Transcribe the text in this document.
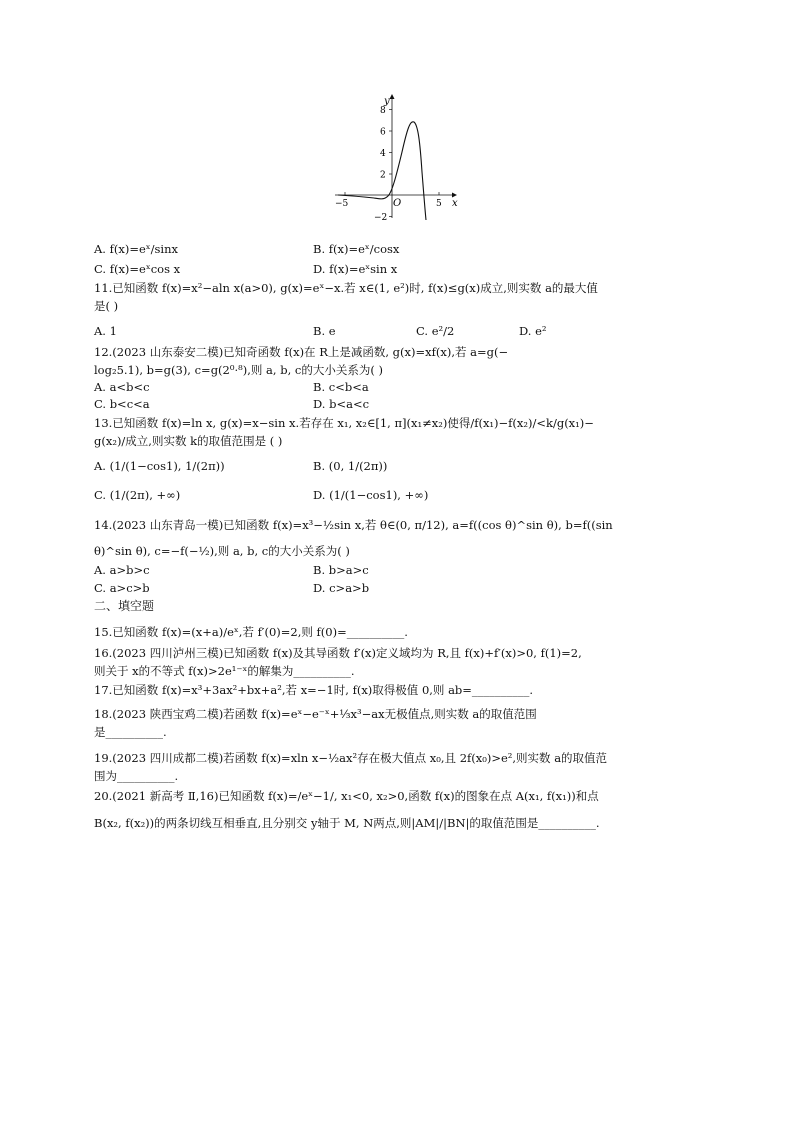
y
x
O
8
6
4
2
−2
−5	5
A. f(x)=eˣ/sinx	B. f(x)=eˣ/cosx
C. f(x)=eˣcos x	D. f(x)=eˣsin x
11.已知函数 f(x)=x²−aln x(a>0), g(x)=eˣ−x.若 x∈(1, e²)时, f(x)≤g(x)成立,则实数 a的最大值
是( )
A. 1	B. e	C. e²/2	D. e²
12.(2023 山东泰安二模)已知奇函数 f(x)在 R上是减函数, g(x)=xf(x),若 a=g(−
log₂5.1), b=g(3), c=g(2⁰·⁸),则 a, b, c的大小关系为( )
A. a<b<c	B. c<b<a
C. b<c<a	D. b<a<c
13.已知函数 f(x)=ln x, g(x)=x−sin x.若存在 x₁, x₂∈[1, π](x₁≠x₂)使得/f(x₁)−f(x₂)/<k/g(x₁)−
g(x₂)/成立,则实数 k的取值范围是 ( )
A. (1/(1−cos1), 1/(2π))	B. (0, 1/(2π))
C. (1/(2π), +∞)	D. (1/(1−cos1), +∞)
14.(2023 山东青岛一模)已知函数 f(x)=x³−½sin x,若 θ∈(0, π/12), a=f((cos θ)^sin θ), b=f((sin
θ)^sin θ), c=−f(−½),则 a, b, c的大小关系为( )
A. a>b>c	B. b>a>c
C. a>c>b	D. c>a>b
二、填空题
15.已知函数 f(x)=(x+a)/eˣ,若 f′(0)=2,则 f(0)=__________.
16.(2023 四川泸州三模)已知函数 f(x)及其导函数 f′(x)定义域均为 R,且 f(x)+f′(x)>0, f(1)=2,
则关于 x的不等式 f(x)>2e¹⁻ˣ的解集为__________.
17.已知函数 f(x)=x³+3ax²+bx+a²,若 x=−1时, f(x)取得极值 0,则 ab=__________.
18.(2023 陕西宝鸡二模)若函数 f(x)=eˣ−e⁻ˣ+⅓x³−ax无极值点,则实数 a的取值范围
是__________.
19.(2023 四川成都二模)若函数 f(x)=xln x−½ax²存在极大值点 x₀,且 2f(x₀)>e²,则实数 a的取值范
围为__________.
20.(2021 新高考 Ⅱ,16)已知函数 f(x)=/eˣ−1/, x₁<0, x₂>0,函数 f(x)的图象在点 A(x₁, f(x₁))和点
B(x₂, f(x₂))的两条切线互相垂直,且分别交 y轴于 M, N两点,则|AM|/|BN|的取值范围是__________.
